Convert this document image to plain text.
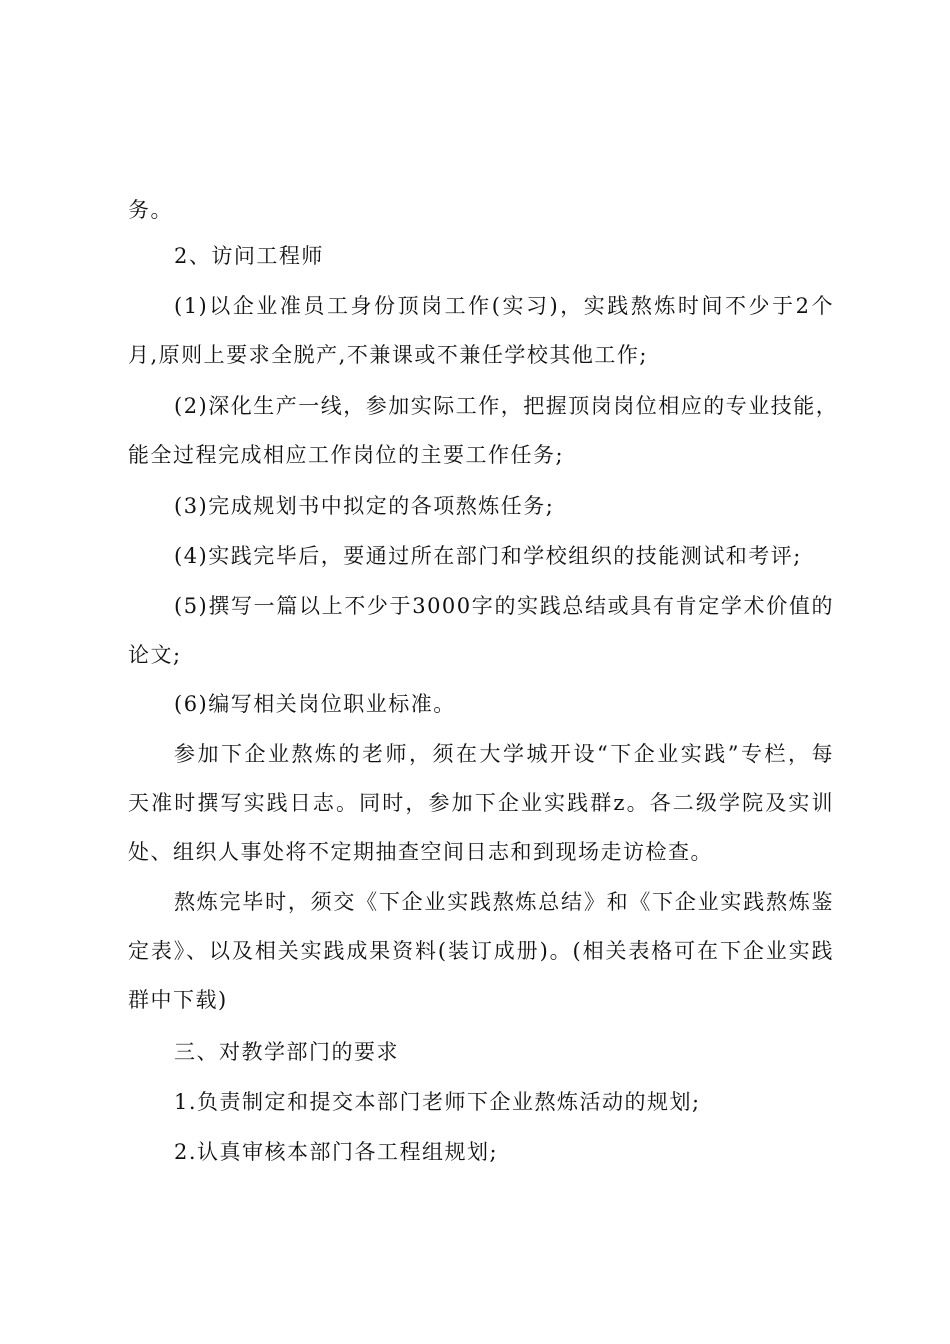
务。
2、访问工程师
(1)以企业准员工身份顶岗工作(实习)，实践熬炼时间不少于2个
月,原则上要求全脱产,不兼课或不兼任学校其他工作;
(2)深化生产一线，参加实际工作，把握顶岗岗位相应的专业技能，
能全过程完成相应工作岗位的主要工作任务;
(3)完成规划书中拟定的各项熬炼任务;
(4)实践完毕后，要通过所在部门和学校组织的技能测试和考评;
(5)撰写一篇以上不少于3000字的实践总结或具有肯定学术价值的
论文;
(6)编写相关岗位职业标准。
参加下企业熬炼的老师，须在大学城开设“下企业实践”专栏，每
天准时撰写实践日志。同时，参加下企业实践群z。各二级学院及实训
处、组织人事处将不定期抽查空间日志和到现场走访检查。
熬炼完毕时，须交《下企业实践熬炼总结》和《下企业实践熬炼鉴
定表》、以及相关实践成果资料(装订成册)。(相关表格可在下企业实践
群中下载)
三、对教学部门的要求
1.负责制定和提交本部门老师下企业熬炼活动的规划;
2.认真审核本部门各工程组规划;
